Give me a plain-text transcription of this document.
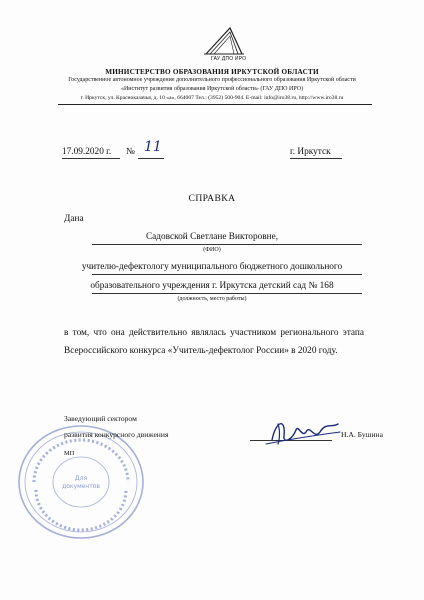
ГАУ ДПО ИРО
МИНИСТЕРСТВО ОБРАЗОВАНИЯ ИРКУТСКОЙ ОБЛАСТИ
Государственное автономное учреждение дополнительного профессионального образования Иркутской области
«Институт развития образования Иркутской области» (ГАУ ДПО ИРО)
г. Иркутск, ул. Красноказачья, д. 10 «а», 664007 Тел.: (3952) 500-904. E-mail: info@iro38.ru, http://www.iro38.ru
17.09.2020 г. № 11	г. Иркутск
СПРАВКА
Дана
Садовской Светлане Викторовне,
(ФИО)
учителю-дефектологу муниципального бюджетного дошкольного
образовательного учреждения г. Иркутска детский сад № 168
(должность, место работы)
в том, что она действительно являлась участником регионального этапа
Всероссийского конкурса «Учитель-дефектолог России» в 2020 году.
Для
документов
Заведующий сектором
развития конкурсного движения	Н.А. Бушина
МП
